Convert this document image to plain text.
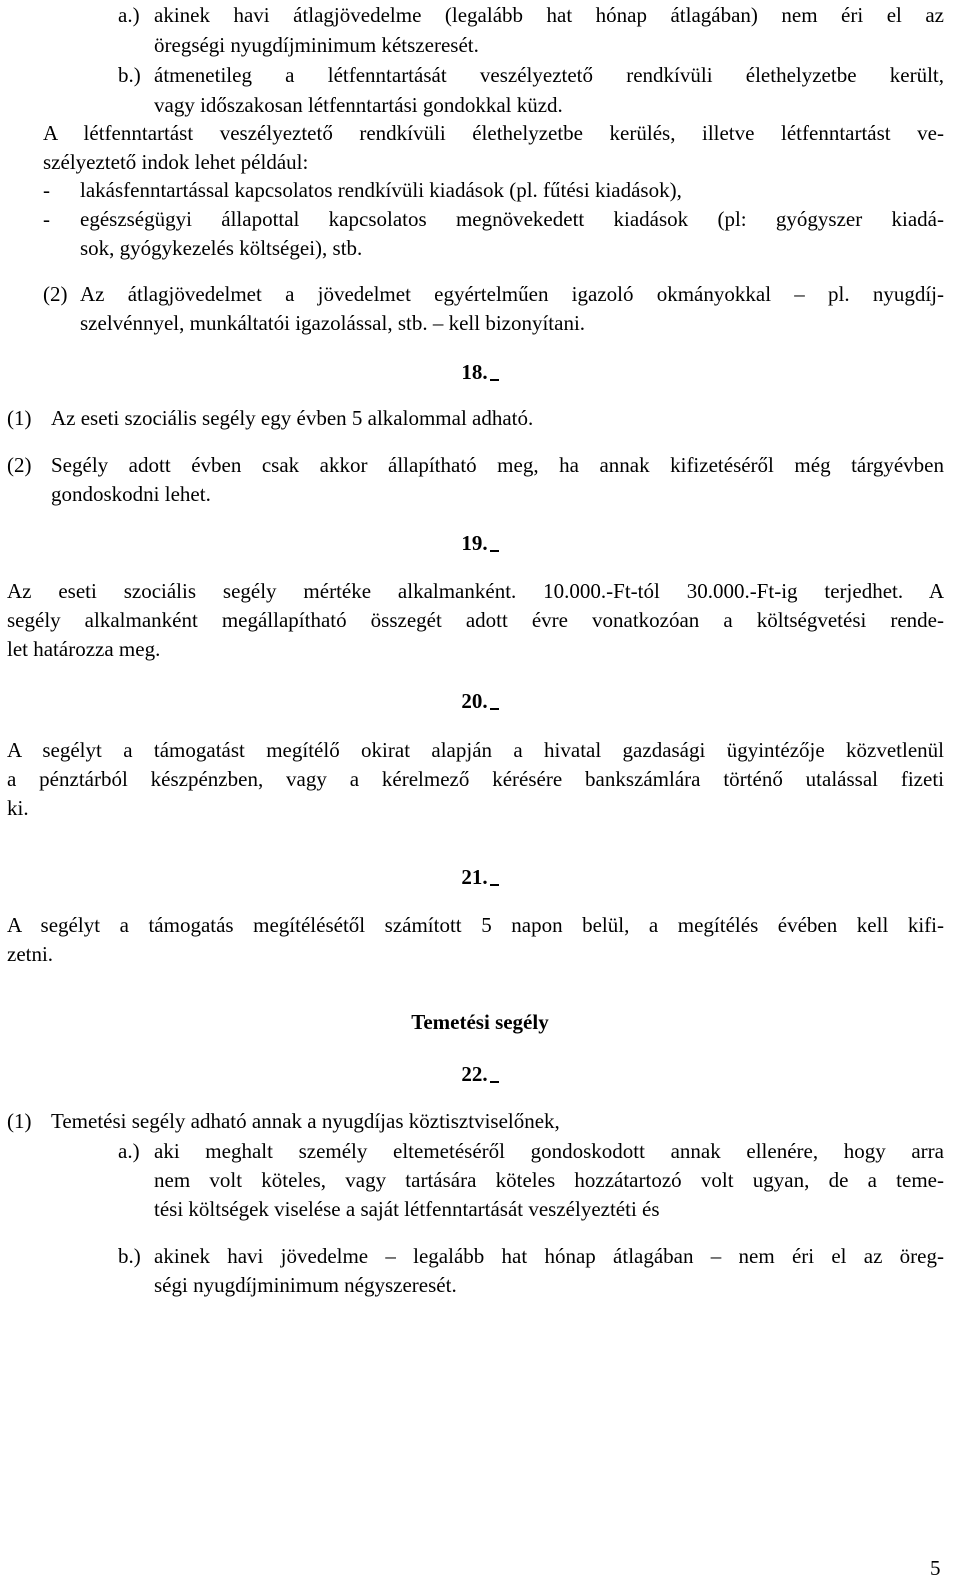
a.) akinek havi átlagjövedelme (legalább hat hónap átlagában) nem éri el az
öregségi nyugdíjminimum kétszeresét.
b.) átmenetileg a létfenntartását veszélyeztető rendkívüli élethelyzetbe került,
vagy időszakosan létfenntartási gondokkal küzd.
A létfenntartást veszélyeztető rendkívüli élethelyzetbe kerülés, illetve létfenntartást ve-
szélyeztető indok lehet például:
- lakásfenntartással kapcsolatos rendkívüli kiadások (pl. fűtési kiadások),
- egészségügyi állapottal kapcsolatos megnövekedett kiadások (pl: gyógyszer kiadá-
sok, gyógykezelés költségei), stb.
(2) Az átlagjövedelmet a jövedelmet egyértelműen igazoló okmányokkal – pl. nyugdíj-
szelvénnyel, munkáltatói igazolással, stb. – kell bizonyítani.
18.
(1) Az eseti szociális segély egy évben 5 alkalommal adható.
(2) Segély adott évben csak akkor állapítható meg, ha annak kifizetéséről még tárgyévben
gondoskodni lehet.
19.
Az eseti szociális segély mértéke alkalmanként. 10.000.-Ft-tól 30.000.-Ft-ig terjedhet. A
segély alkalmanként megállapítható összegét adott évre vonatkozóan a költségvetési rende-
let határozza meg.
20.
A segélyt a támogatást megítélő okirat alapján a hivatal gazdasági ügyintézője közvetlenül
a pénztárból készpénzben, vagy a kérelmező kérésére bankszámlára történő utalással fizeti
ki.
21.
A segélyt a támogatás megítélésétől számított 5 napon belül, a megítélés évében kell kifi-
zetni.
Temetési segély
22.
(1) Temetési segély adható annak a nyugdíjas köztisztviselőnek,
a.) aki meghalt személy eltemetéséről gondoskodott annak ellenére, hogy arra
nem volt köteles, vagy tartására köteles hozzátartozó volt ugyan, de a teme-
tési költségek viselése a saját létfenntartását veszélyeztéti és
b.) akinek havi jövedelme – legalább hat hónap átlagában – nem éri el az öreg-
ségi nyugdíjminimum négyszeresét.
5
